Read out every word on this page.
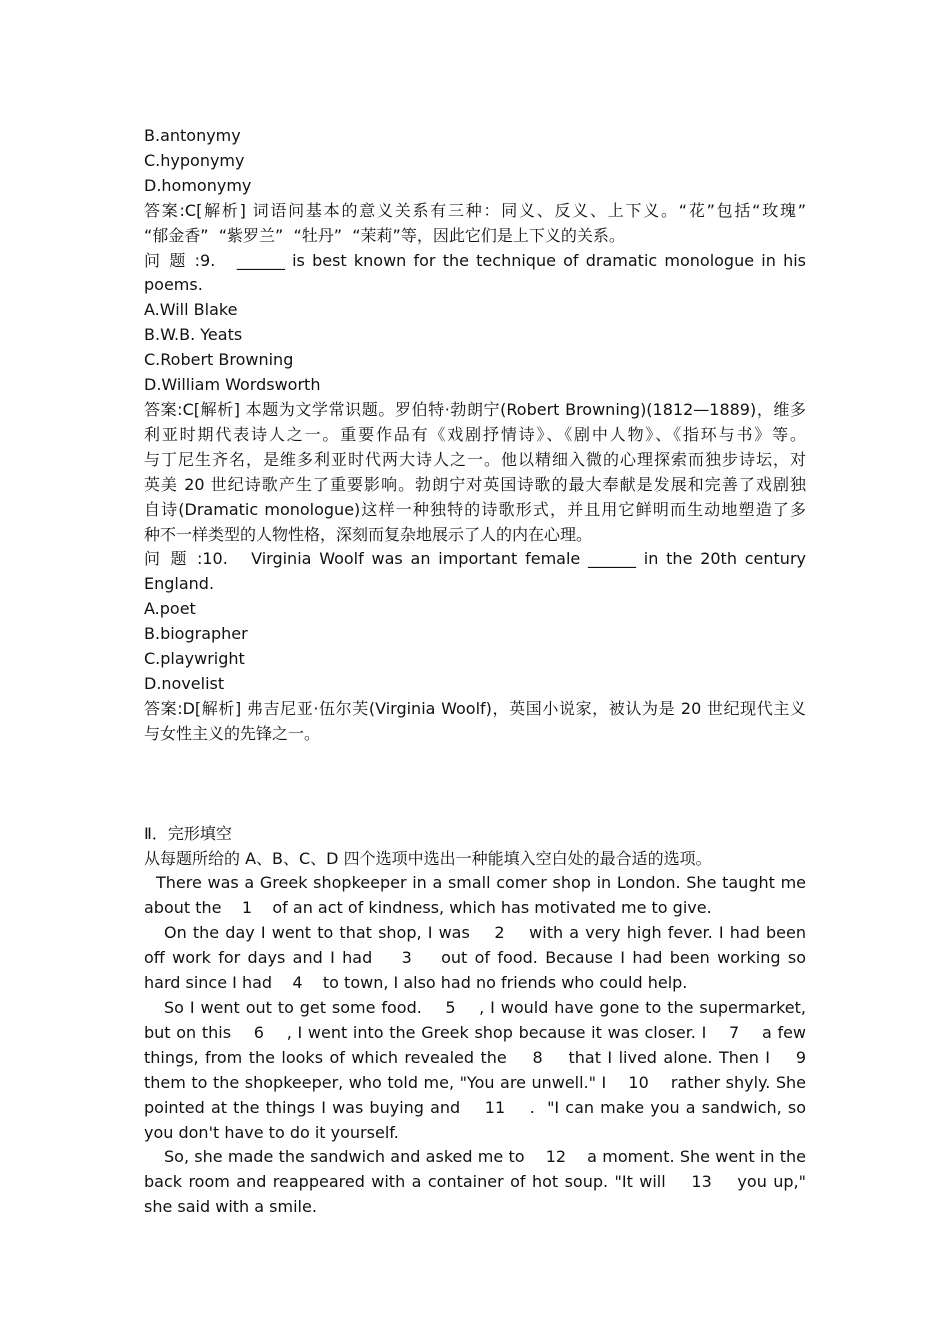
B.antonymy

C.hyponymy

D.homonymy

答案:C[解析] 词语问基本的意义关系有三种：同义、反义、上下义。“花”包括“玫瑰”

“郁金香”  “紫罗兰”  “牡丹”  “茉莉”等，因此它们是上下义的关系。

问 题 :9.   ______ is best known for the technique of dramatic monologue in his

poems.

A.Will Blake

B.W.B. Yeats

C.Robert Browning

D.William Wordsworth

答案:C[解析] 本题为文学常识题。罗伯特·勃朗宁(Robert Browning)(1812—1889)，维多

利亚时期代表诗人之一。重要作品有《戏剧抒情诗》、《剧中人物》、《指环与书》等。

与丁尼生齐名，是维多利亚时代两大诗人之一。他以精细入微的心理探索而独步诗坛，对

英美 20 世纪诗歌产生了重要影响。勃朗宁对英国诗歌的最大奉献是发展和完善了戏剧独

自诗(Dramatic monologue)这样一种独特的诗歌形式，并且用它鲜明而生动地塑造了多

种不一样类型的人物性格，深刻而复杂地展示了人的内在心理。

问 题 :10.   Virginia Woolf was an important female ______ in the 20th century

England.

A.poet

B.biographer

C.playwright

D.novelist

答案:D[解析] 弗吉尼亚·伍尔芙(Virginia Woolf)，英国小说家，被认为是 20 世纪现代主义

与女性主义的先锋之一。

Ⅱ．完形填空

从每题所给的 A、B、C、D 四个选项中选出一种能填入空白处的最合适的选项。

There was a Greek shopkeeper in a small comer shop in London. She taught me

about the    1    of an act of kindness, which has motivated me to give.

On the day I went to that shop, I was    2    with a very high fever. I had been

off work for days and I had    3    out of food. Because I had been working so

hard since I had    4    to town, I also had no friends who could help.

So I went out to get some food.    5    , I would have gone to the supermarket,

but on this    6    , I went into the Greek shop because it was closer. I    7    a few

things, from the looks of which revealed the    8    that I lived alone. Then I    9

them to the shopkeeper, who told me, "You are unwell." I    10    rather shyly. She

pointed at the things I was buying and    11    .  "I can make you a sandwich, so

you don't have to do it yourself.

So, she made the sandwich and asked me to    12    a moment. She went in the

back room and reappeared with a container of hot soup. "It will    13    you up,"

she said with a smile.
